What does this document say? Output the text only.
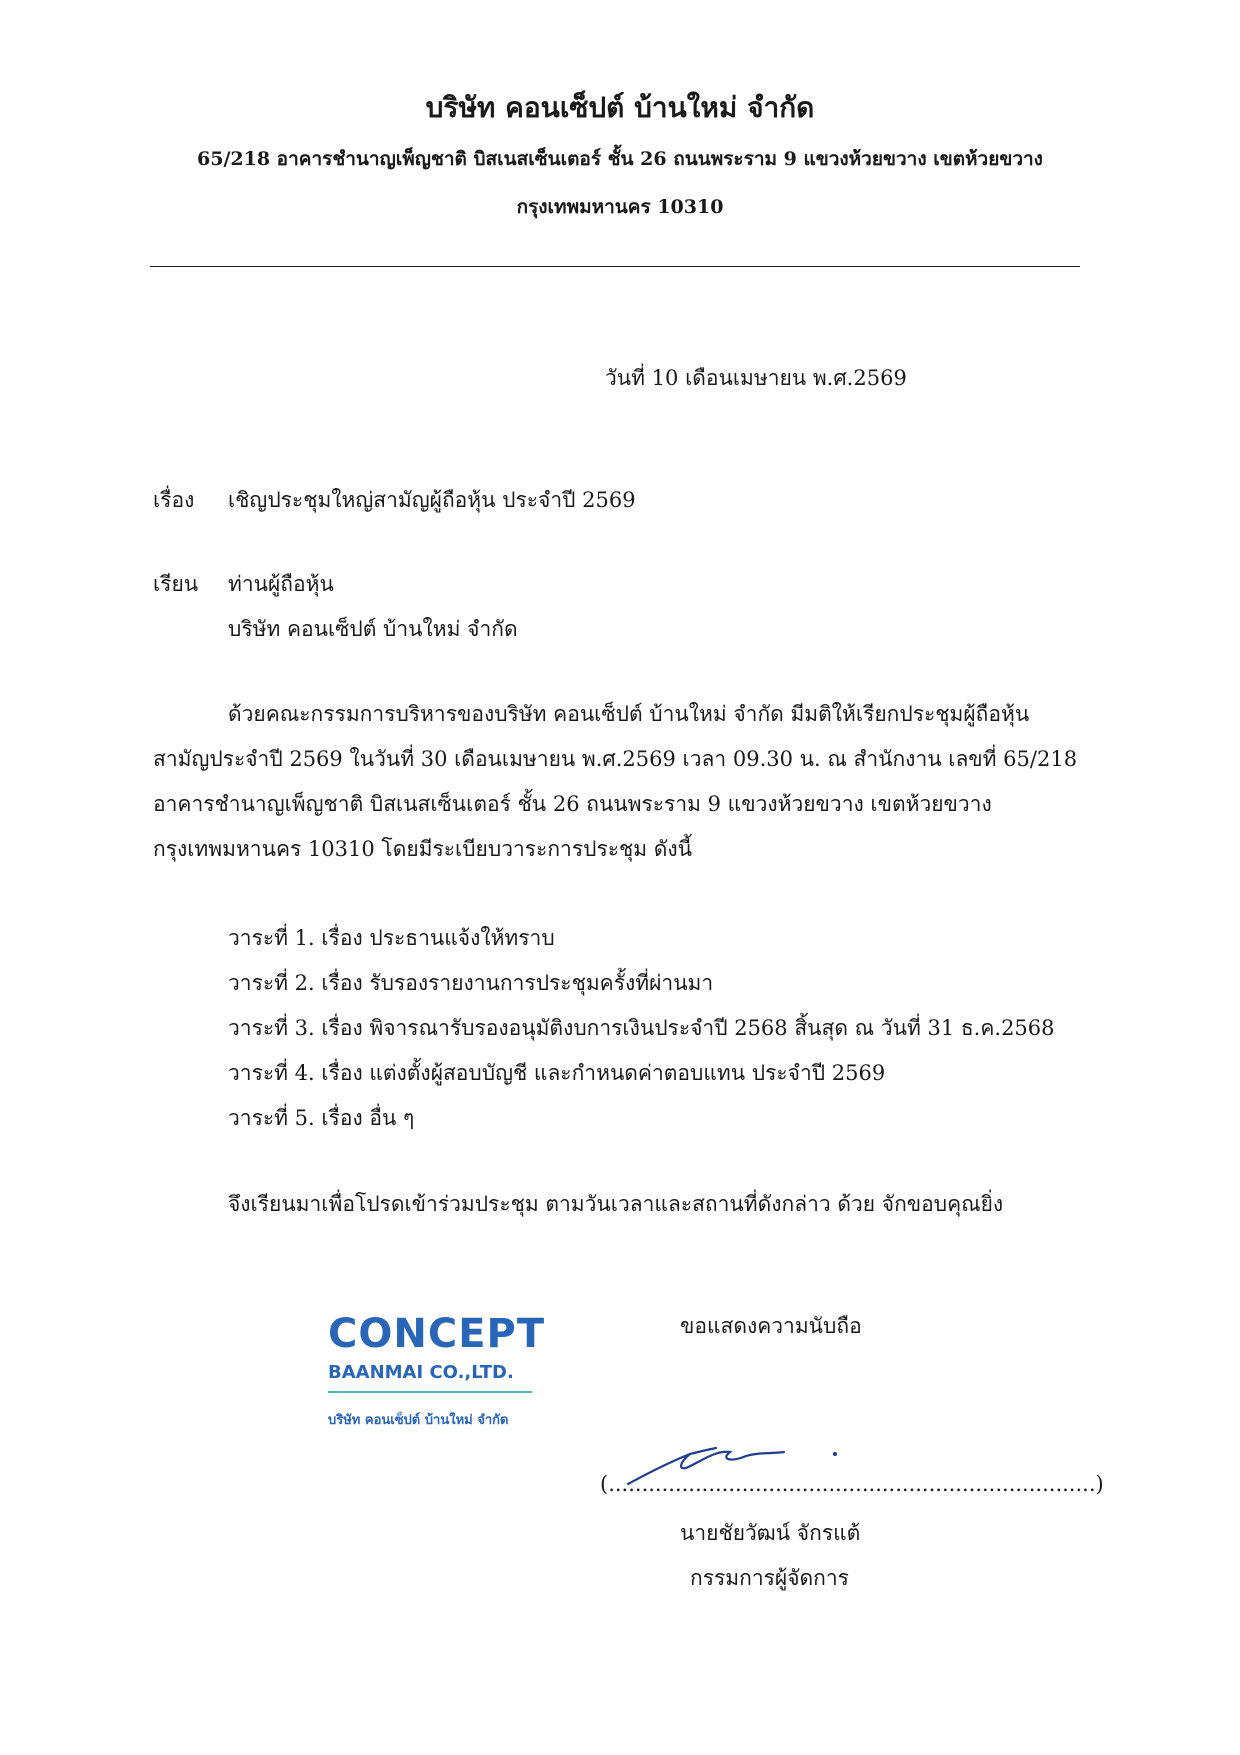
บริษัท คอนเซ็ปต์ บ้านใหม่ จำกัด
65/218 อาคารชำนาญเพ็ญชาติ บิสเนสเซ็นเตอร์ ชั้น 26 ถนนพระราม 9 แขวงห้วยขวาง เขตห้วยขวาง
กรุงเทพมหานคร 10310
วันที่ 10 เดือนเมษายน พ.ศ.2569
เรื่อง เชิญประชุมใหญ่สามัญผู้ถือหุ้น ประจำปี 2569
เรียน ท่านผู้ถือหุ้น
บริษัท คอนเซ็ปต์ บ้านใหม่ จำกัด
ด้วยคณะกรรมการบริหารของบริษัท คอนเซ็ปต์ บ้านใหม่ จำกัด มีมติให้เรียกประชุมผู้ถือหุ้น
สามัญประจำปี 2569 ในวันที่ 30 เดือนเมษายน พ.ศ.2569 เวลา 09.30 น. ณ สำนักงาน เลขที่ 65/218
อาคารชำนาญเพ็ญชาติ บิสเนสเซ็นเตอร์ ชั้น 26 ถนนพระราม 9 แขวงห้วยขวาง เขตห้วยขวาง
กรุงเทพมหานคร 10310 โดยมีระเบียบวาระการประชุม ดังนี้
วาระที่ 1. เรื่อง ประธานแจ้งให้ทราบ
วาระที่ 2. เรื่อง รับรองรายงานการประชุมครั้งที่ผ่านมา
วาระที่ 3. เรื่อง พิจารณารับรองอนุมัติงบการเงินประจำปี 2568 สิ้นสุด ณ วันที่ 31 ธ.ค.2568
วาระที่ 4. เรื่อง แต่งตั้งผู้สอบบัญชี และกำหนดค่าตอบแทน ประจำปี 2569
วาระที่ 5. เรื่อง อื่น ๆ
จึงเรียนมาเพื่อโปรดเข้าร่วมประชุม ตามวันเวลาและสถานที่ดังกล่าว ด้วย จักขอบคุณยิ่ง
ขอแสดงความนับถือ
CONCEPT
BAANMAI CO.,LTD.
บริษัท คอนเซ็ปต์ บ้านใหม่ จำกัด
(.........................................................................)
นายชัยวัฒน์ จักรแต้
กรรมการผู้จัดการ
